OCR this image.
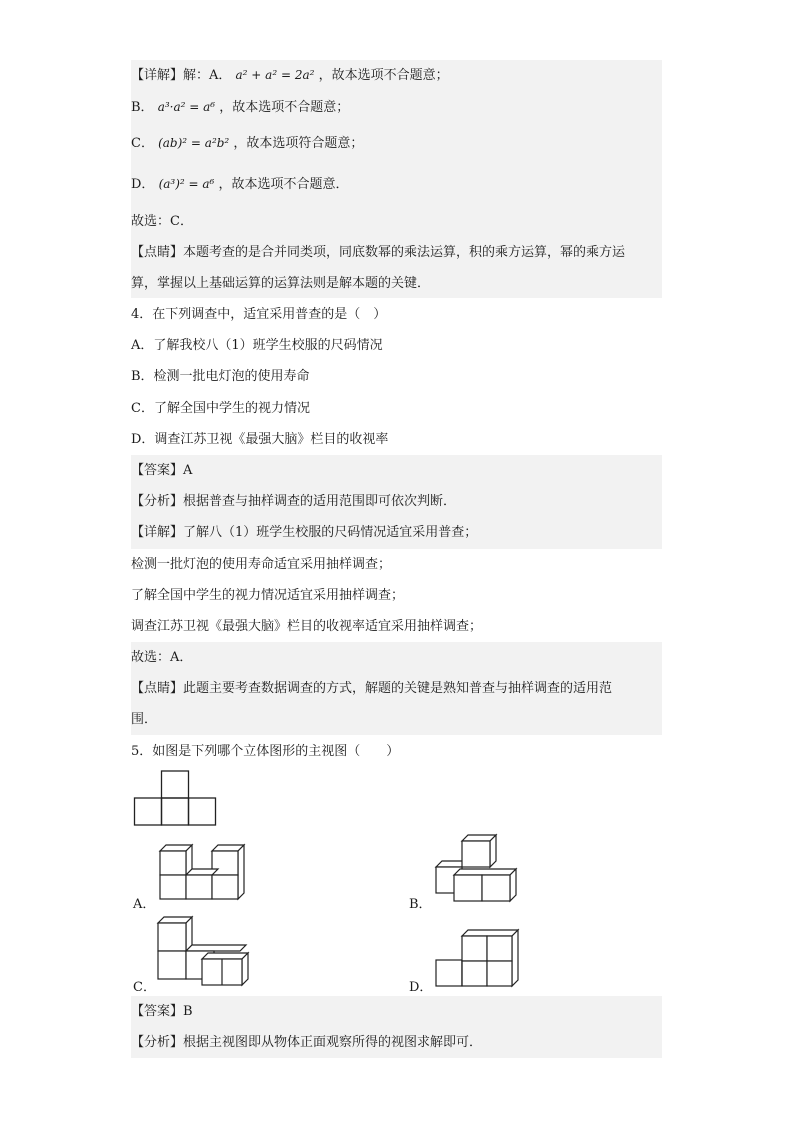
【详解】解：A． a² + a² = 2a² ，故本选项不合题意；
B． a³·a² = a⁶ ，故本选项不合题意；
C． (ab)² = a²b² ，故本选项符合题意；
D． (a³)² = a⁶ ，故本选项不合题意．
故选：C．
【点睛】本题考查的是合并同类项，同底数幂的乘法运算，积的乘方运算，幂的乘方运
算，掌握以上基础运算的运算法则是解本题的关键．
4．在下列调查中，适宜采用普查的是（　）
A．了解我校八（1）班学生校服的尺码情况
B．检测一批电灯泡的使用寿命
C．了解全国中学生的视力情况
D．调查江苏卫视《最强大脑》栏目的收视率
【答案】A
【分析】根据普查与抽样调查的适用范围即可依次判断．
【详解】了解八（1）班学生校服的尺码情况适宜采用普查；
检测一批灯泡的使用寿命适宜采用抽样调查；
了解全国中学生的视力情况适宜采用抽样调查；
调查江苏卫视《最强大脑》栏目的收视率适宜采用抽样调查；
故选：A．
【点睛】此题主要考查数据调查的方式，解题的关键是熟知普查与抽样调查的适用范
围．
5．如图是下列哪个立体图形的主视图（　　）
A．	B．
C．	D．
【答案】B
【分析】根据主视图即从物体正面观察所得的视图求解即可．
